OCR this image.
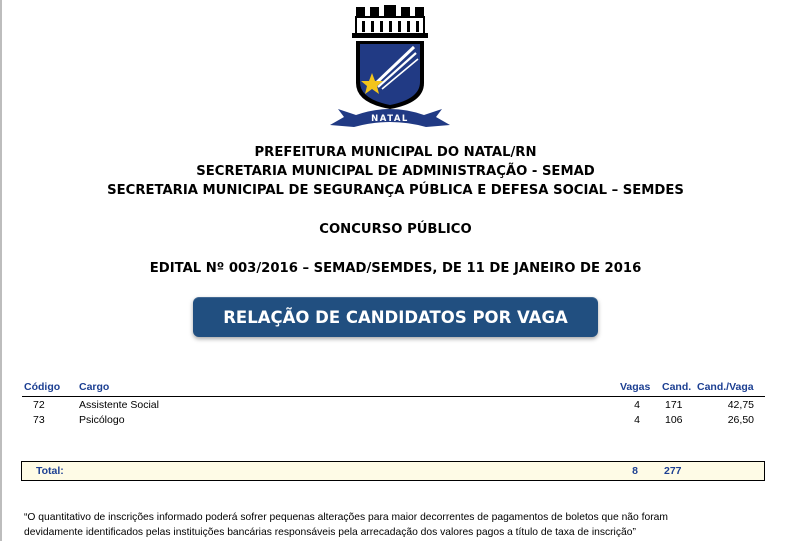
NATAL
PREFEITURA MUNICIPAL DO NATAL/RN
SECRETARIA MUNICIPAL DE ADMINISTRAÇÃO - SEMAD
SECRETARIA MUNICIPAL DE SEGURANÇA PÚBLICA E DEFESA SOCIAL – SEMDES
CONCURSO PÚBLICO
EDITAL Nº 003/2016 – SEMAD/SEMDES, DE 11 DE JANEIRO DE 2016
RELAÇÃO DE CANDIDATOS POR VAGA
Código Cargo	Vagas Cand. Cand./Vaga
72	Assistente Social	4 171	42,75
73	Psicólogo	4 106	26,50
Total:	8 277
“O quantitativo de inscrições informado poderá sofrer pequenas alterações para maior decorrentes de pagamentos de boletos que não foram
devidamente identificados pelas instituições bancárias responsáveis pela arrecadação dos valores pagos a título de taxa de inscrição”
